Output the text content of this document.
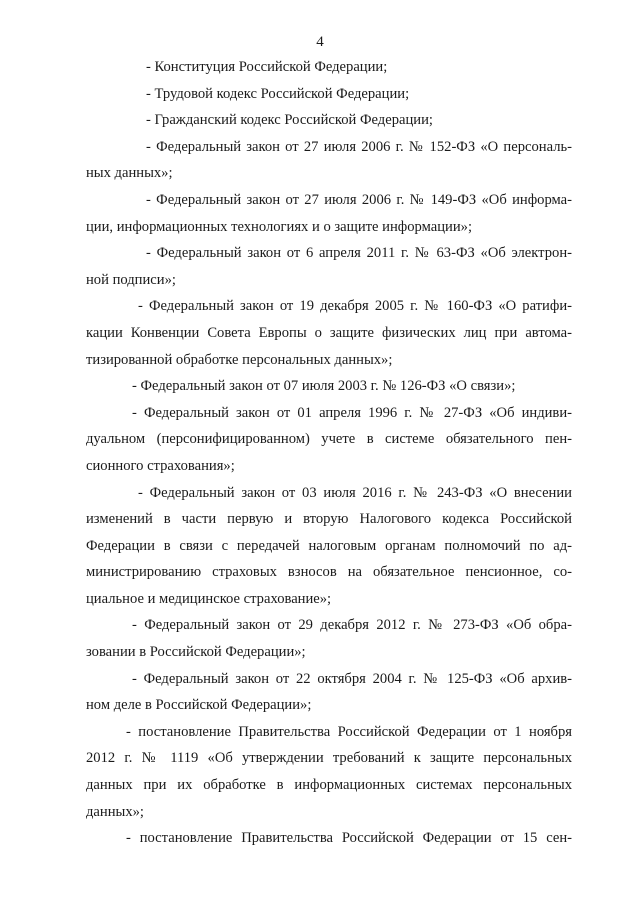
4
- Конституция Российской Федерации;
- Трудовой кодекс Российской Федерации;
- Гражданский кодекс Российской Федерации;
- Федеральный закон от 27 июля 2006 г. № 152-ФЗ «О персональ-
ных данных»;
- Федеральный закон от 27 июля 2006 г. № 149-ФЗ «Об информа-
ции, информационных технологиях и о защите информации»;
- Федеральный закон от 6 апреля 2011 г. № 63-ФЗ «Об электрон-
ной подписи»;
- Федеральный закон от 19 декабря 2005 г. № 160-ФЗ «О ратифи-
кации Конвенции Совета Европы о защите физических лиц при автома-
тизированной обработке персональных данных»;
- Федеральный закон от 07 июля 2003 г. № 126-ФЗ «О связи»;
- Федеральный закон от 01 апреля 1996 г. № 27-ФЗ «Об индиви-
дуальном (персонифицированном) учете в системе обязательного пен-
сионного страхования»;
- Федеральный закон от 03 июля 2016 г. № 243-ФЗ «О внесении
изменений в части первую и вторую Налогового кодекса Российской
Федерации в связи с передачей налоговым органам полномочий по ад-
министрированию страховых взносов на обязательное пенсионное, со-
циальное и медицинское страхование»;
- Федеральный закон от 29 декабря 2012 г. № 273-ФЗ «Об обра-
зовании в Российской Федерации»;
- Федеральный закон от 22 октября 2004 г. № 125-ФЗ «Об архив-
ном деле в Российской Федерации»;
- постановление Правительства Российской Федерации от 1 ноября
2012 г. № 1119 «Об утверждении требований к защите персональных
данных при их обработке в информационных системах персональных
данных»;
- постановление Правительства Российской Федерации от 15 сен-
